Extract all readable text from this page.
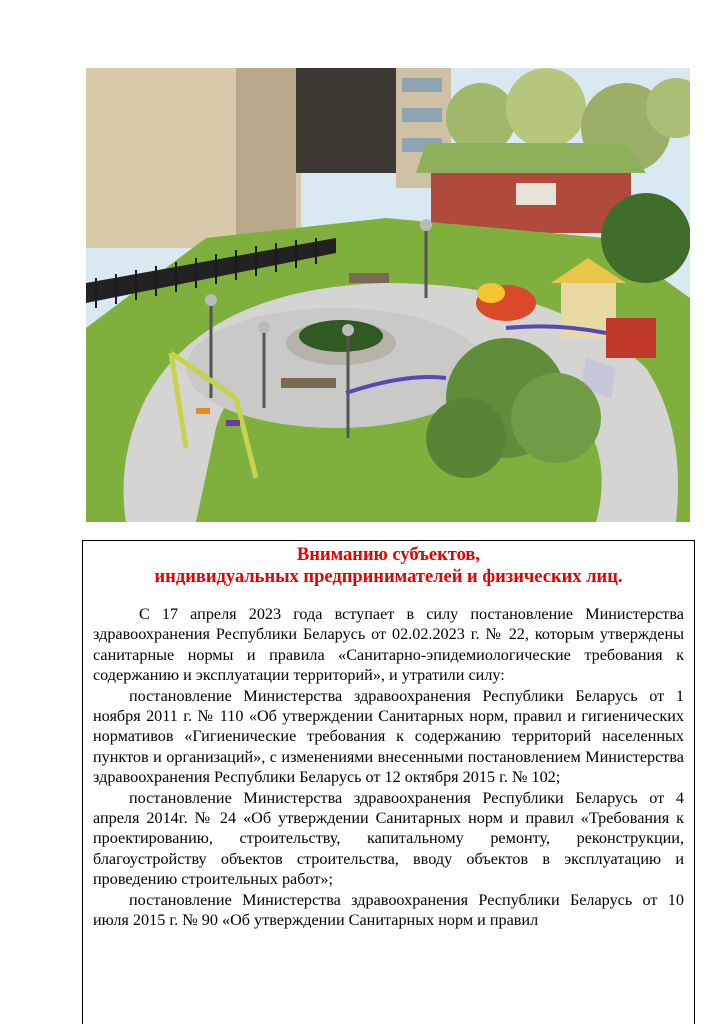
Вниманию субъектов,
индивидуальных предпринимателей и физических лиц.

С 17 апреля 2023 года вступает в силу постановление Министерства здравоохранения Республики Беларусь от 02.02.2023 г. № 22, которым утверждены санитарные нормы и правила «Санитарно-эпидемиологические требования к содержанию и эксплуатации территорий», и утратили силу:

постановление Министерства здравоохранения Республики Беларусь от 1 ноября 2011 г. № 110 «Об утверждении Санитарных норм, правил и гигиенических нормативов «Гигиенические требования к содержанию территорий населенных пунктов и организаций», с изменениями внесенными постановлением Министерства здравоохранения Республики Беларусь от 12 октября 2015 г. № 102;

постановление Министерства здравоохранения Республики Беларусь от 4 апреля 2014г. № 24 «Об утверждении Санитарных норм и правил «Требования к проектированию, строительству, капитальному ремонту, реконструкции, благоустройству объектов строительства, вводу объектов в эксплуатацию и проведению строительных работ»;

постановление Министерства здравоохранения Республики Беларусь от 10 июля 2015 г. № 90 «Об утверждении Санитарных норм и правил
